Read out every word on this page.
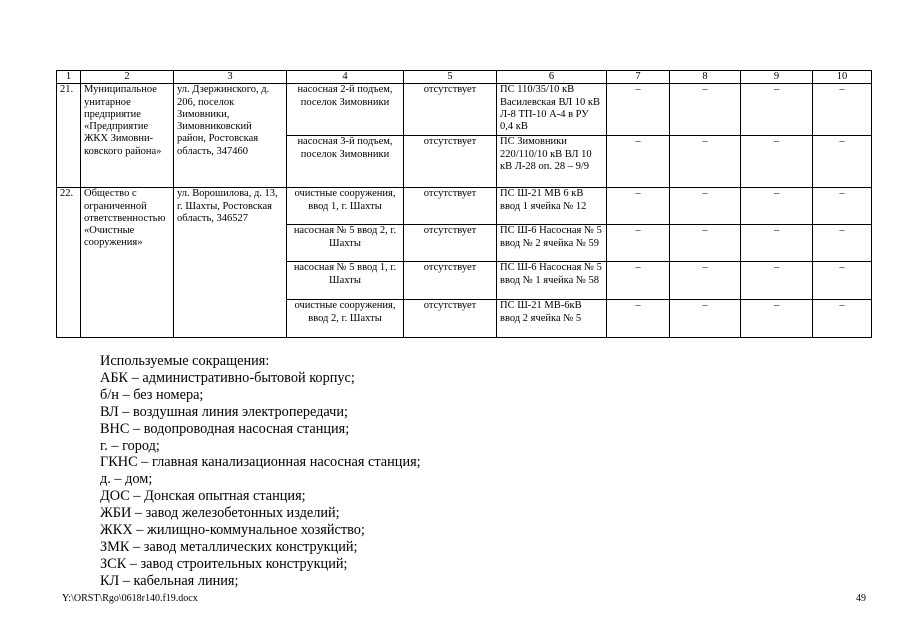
1	2	3	4	5	6	7	8	9	10
21.	Муниципальное унитарное предприятие «Предприятие ЖКХ Зимовни-ковского района»	ул. Дзержинского, д. 206, поселок Зимовники, Зимовниковский район, Ростовская область, 347460	насосная 2-й подъем, поселок Зимовники	отсутствует	ПС 110/35/10 кВ Василевская ВЛ 10 кВ Л-8 ТП-10 А-4 в РУ 0,4 кВ	–	–	–	–
			насосная 3-й подъем, поселок Зимовники	отсутствует	ПС Зимовники 220/110/10 кВ ВЛ 10 кВ Л-28 оп. 28 – 9/9	–	–	–	–
22.	Общество с ограниченной ответственностью «Очистные сооружения»	ул. Ворошилова, д. 13, г. Шахты, Ростовская область, 346527	очистные сооружения, ввод 1, г. Шахты	отсутствует	ПС Ш-21 МВ 6 кВ ввод 1 ячейка № 12	–	–	–	–
			насосная № 5 ввод 2, г. Шахты	отсутствует	ПС Ш-6 Насосная № 5 ввод № 2 ячейка № 59	–	–	–	–
			насосная № 5 ввод 1, г. Шахты	отсутствует	ПС Ш-6 Насосная № 5 ввод № 1 ячейка № 58	–	–	–	–
			очистные сооружения, ввод 2, г. Шахты	отсутствует	ПС Ш-21 МВ-6кВ ввод 2 ячейка № 5	–	–	–	–
Используемые сокращения:
АБК – административно-бытовой корпус;
б/н – без номера;
ВЛ – воздушная линия электропередачи;
ВНС – водопроводная насосная станция;
г. – город;
ГКНС – главная канализационная насосная станция;
д. – дом;
ДОС – Донская опытная станция;
ЖБИ – завод железобетонных изделий;
ЖКХ – жилищно-коммунальное хозяйство;
ЗМК – завод металлических конструкций;
ЗСК – завод строительных конструкций;
КЛ – кабельная линия;
Y:\ORST\Rgo\0618r140.f19.docx	49
